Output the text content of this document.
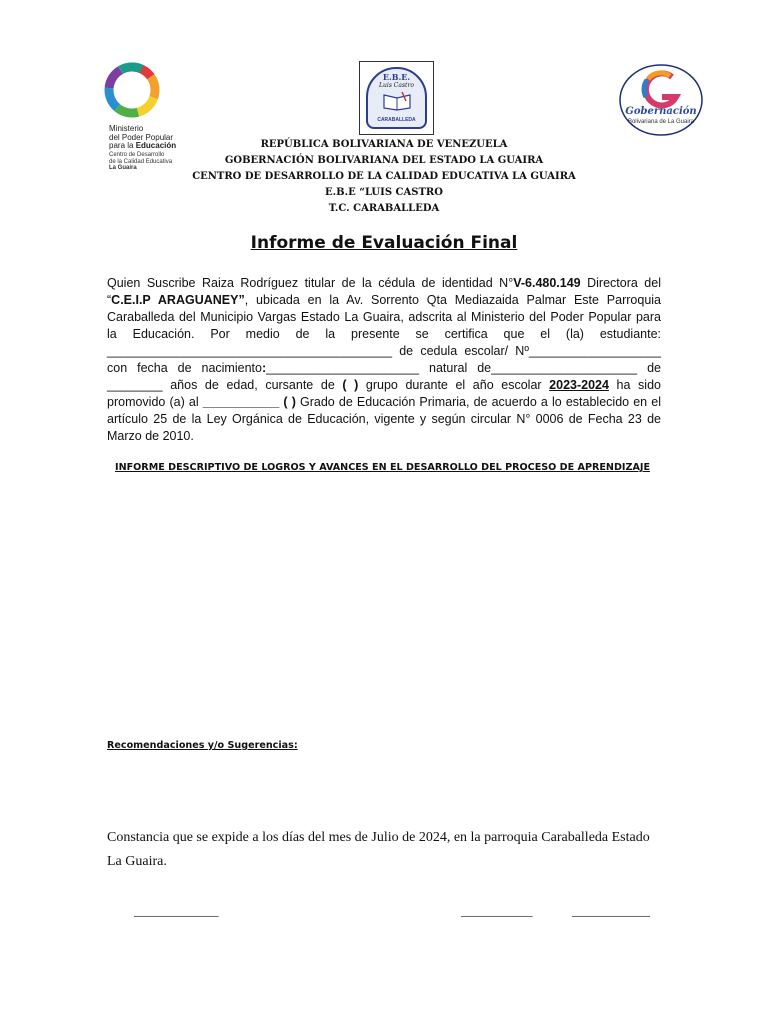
Ministerio
del Poder Popular
para la Educación
Centro de Desarrollo
de la Calidad Educativa
La Guaira
E.B.E.
Luis Castro
CARABALLEDA
Gobernación
Bolivariana de La Guaira
REPÚBLICA BOLIVARIANA DE VENEZUELA
GOBERNACIÓN BOLIVARIANA DEL ESTADO LA GUAIRA
CENTRO DE DESARROLLO DE LA CALIDAD EDUCATIVA LA GUAIRA
E.B.E “LUIS CASTRO
T.C. CARABALLEDA
Informe de Evaluación Final
Quien Suscribe Raiza Rodríguez titular de la cédula de identidad N°V-6.480.149 Directora del
“C.E.I.P ARAGUANEY”, ubicada en la Av. Sorrento Qta Mediazaida Palmar Este Parroquia
Caraballeda del Municipio Vargas Estado La Guaira, adscrita al Ministerio del Poder Popular para
la Educación. Por medio de la presente se certifica que el (la) estudiante:
_________________________________________ de cedula escolar/ Nº___________________
con fecha de nacimiento:______________________ natural de_____________________ de
________ años de edad, cursante de ( ) grupo durante el año escolar 2023-2024 ha sido
promovido (a) al ___________ ( ) Grado de Educación Primaria, de acuerdo a lo establecido en el
artículo 25 de la Ley Orgánica de Educación, vigente y según circular N° 0006 de Fecha 23 de
Marzo de 2010.
INFORME DESCRIPTIVO DE LOGROS Y AVANCES EN EL DESARROLLO DEL PROCESO DE APRENDIZAJE
Recomendaciones y/o Sugerencias:
Constancia que se expide a los días del mes de Julio de 2024, en la parroquia Caraballeda Estado
La Guaira.
_____________	___________	____________
